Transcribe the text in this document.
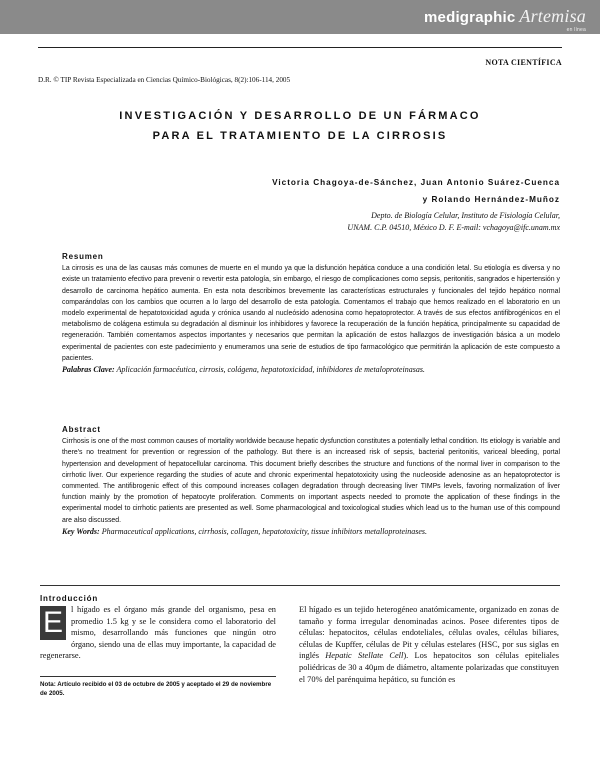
medigraphic Artemisa
en línea
NOTA CIENTÍFICA
D.R. © TIP Revista Especializada en Ciencias Químico-Biológicas, 8(2):106-114, 2005
INVESTIGACIÓN Y DESARROLLO DE UN FÁRMACO
PARA EL TRATAMIENTO DE LA CIRROSIS
Victoria Chagoya-de-Sánchez, Juan Antonio Suárez-Cuenca
y Rolando Hernández-Muñoz
Depto. de Biología Celular, Instituto de Fisiología Celular,
UNAM. C.P. 04510, México D. F. E-mail: vchagoya@ifc.unam.mx
Resumen

La cirrosis es una de las causas más comunes de muerte en el mundo ya que la disfunción hepática conduce a una condición letal. Su etiología es diversa y no existe un tratamiento efectivo para prevenir o revertir esta patología, sin embargo, el riesgo de complicaciones como sepsis, peritonitis, sangrados e hipertensión y desarrollo de carcinoma hepático aumenta. En esta nota describimos brevemente las características estructurales y funcionales del tejido hepático normal comparándolas con los cambios que ocurren a lo largo del desarrollo de esta patología. Comentamos el trabajo que hemos realizado en el laboratorio en un modelo experimental de hepatotoxicidad aguda y crónica usando al nucleósido adenosina como hepatoprotector. A través de sus efectos antifibrogénicos en el metabolismo de colágena estimula su degradación al disminuir los inhibidores y favorece la recuperación de la función hepática, principalmente su capacidad de regeneración. También comentamos aspectos importantes y necesarios que permitan la aplicación de estos hallazgos de investigación básica a un modelo experimental de pacientes con este padecimiento y enumeramos una serie de estudios de tipo farmacológico que permitirán la aplicación de este compuesto a pacientes.

Palabras Clave: Aplicación farmacéutica, cirrosis, colágena, hepatotoxicidad, inhibidores de metaloproteinasas.
Abstract

Cirrhosis is one of the most common causes of mortality worldwide because hepatic dysfunction constitutes a potentially lethal condition. Its etiology is variable and there's no treatment for prevention or regression of the pathology. But there is an increased risk of sepsis, bacterial peritonitis, variceal bleeding, portal hypertension and development of hepatocellular carcinoma. This document briefly describes the structure and functions of the normal liver in comparison to the cirrhotic liver. Our experience regarding the studies of acute and chronic experimental hepatotoxicity using the nucleoside adenosine as an hepatoprotector is commented. The antifibrogenic effect of this compound increases collagen degradation through decreasing liver TIMPs levels, favoring normalization of liver function mainly by the promotion of hepatocyte proliferation. Comments on important aspects needed to promote the application of these findings in the experimental model to cirrhotic patients are presented as well. Some pharmacological and toxicological studies which lead us to the human use of this compound are also discussed.

Key Words: Pharmaceutical applications, cirrhosis, collagen, hepatotoxicity, tissue inhibitors metalloproteinases.
Introducción
E l hígado es el órgano más grande del organismo, pesa en promedio 1.5 kg y se le considera como el laboratorio del mismo, desarrollando más funciones que ningún otro órgano, siendo una de ellas muy importante, la capacidad de regenerarse.
El hígado es un tejido heterogéneo anatómicamente, organizado en zonas de tamaño y forma irregular denominadas acinos. Posee diferentes tipos de células: hepatocitos, células endoteliales, células ovales, células biliares, células de Kupffer, células de Pit y células estelares (HSC, por sus siglas en inglés Hepatic Stellate Cell). Los hepatocitos son células epiteliales poliédricas de 30 a 40μm de diámetro, altamente polarizadas que constituyen el 70% del parénquima hepático, su función es
Nota: Artículo recibido el 03 de octubre de 2005 y aceptado el 29 de noviembre de 2005.
